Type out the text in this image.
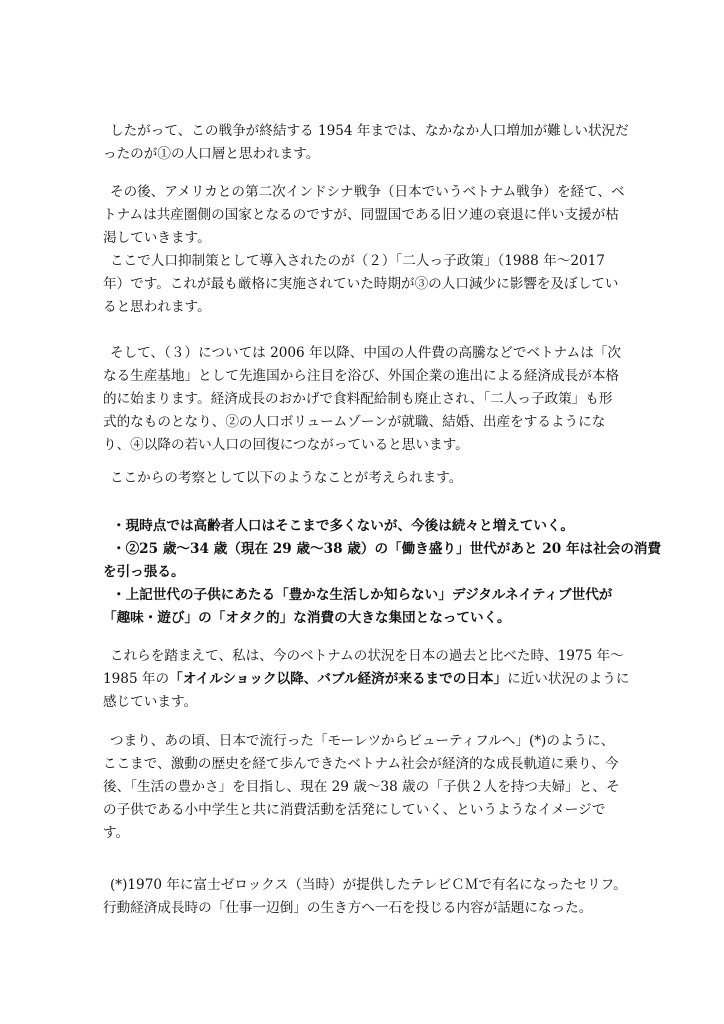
したがって、この戦争が終結する 1954 年までは、なかなか人口増加が難しい状況だ
ったのが①の人口層と思われます。
その後、アメリカとの第二次インドシナ戦争（日本でいうベトナム戦争）を経て、ベ
トナムは共産圏側の国家となるのですが、同盟国である旧ソ連の衰退に伴い支援が枯
渇していきます。
ここで人口抑制策として導入されたのが（２）「二人っ子政策」（1988 年〜2017
年）です。これが最も厳格に実施されていた時期が③の人口減少に影響を及ぼしてい
ると思われます。
そして、（３）については 2006 年以降、中国の人件費の高騰などでベトナムは「次
なる生産基地」として先進国から注目を浴び、外国企業の進出による経済成長が本格
的に始まります。経済成長のおかげで食料配給制も廃止され、「二人っ子政策」も形
式的なものとなり、②の人口ボリュームゾーンが就職、結婚、出産をするようにな
り、④以降の若い人口の回復につながっていると思います。
ここからの考察として以下のようなことが考えられます。
・現時点では高齢者人口はそこまで多くないが、今後は続々と増えていく。
・②25 歳〜34 歳（現在 29 歳〜38 歳）の「働き盛り」世代があと 20 年は社会の消費
を引っ張る。
・上記世代の子供にあたる「豊かな生活しか知らない」デジタルネイティブ世代が
「趣味・遊び」の「オタク的」な消費の大きな集団となっていく。
これらを踏まえて、私は、今のベトナムの状況を日本の過去と比べた時、1975 年〜
1985 年の「オイルショック以降、バブル経済が来るまでの日本」に近い状況のように
感じています。
つまり、あの頃、日本で流行った「モーレツからビューティフルへ」(*)のように、
ここまで、激動の歴史を経て歩んできたベトナム社会が経済的な成長軌道に乗り、今
後、「生活の豊かさ」を目指し、現在 29 歳〜38 歳の「子供２人を持つ夫婦」と、そ
の子供である小中学生と共に消費活動を活発にしていく、というようなイメージで
す。
(*)1970 年に富士ゼロックス（当時）が提供したテレビＣＭで有名になったセリフ。
行動経済成長時の「仕事一辺倒」の生き方へ一石を投じる内容が話題になった。
